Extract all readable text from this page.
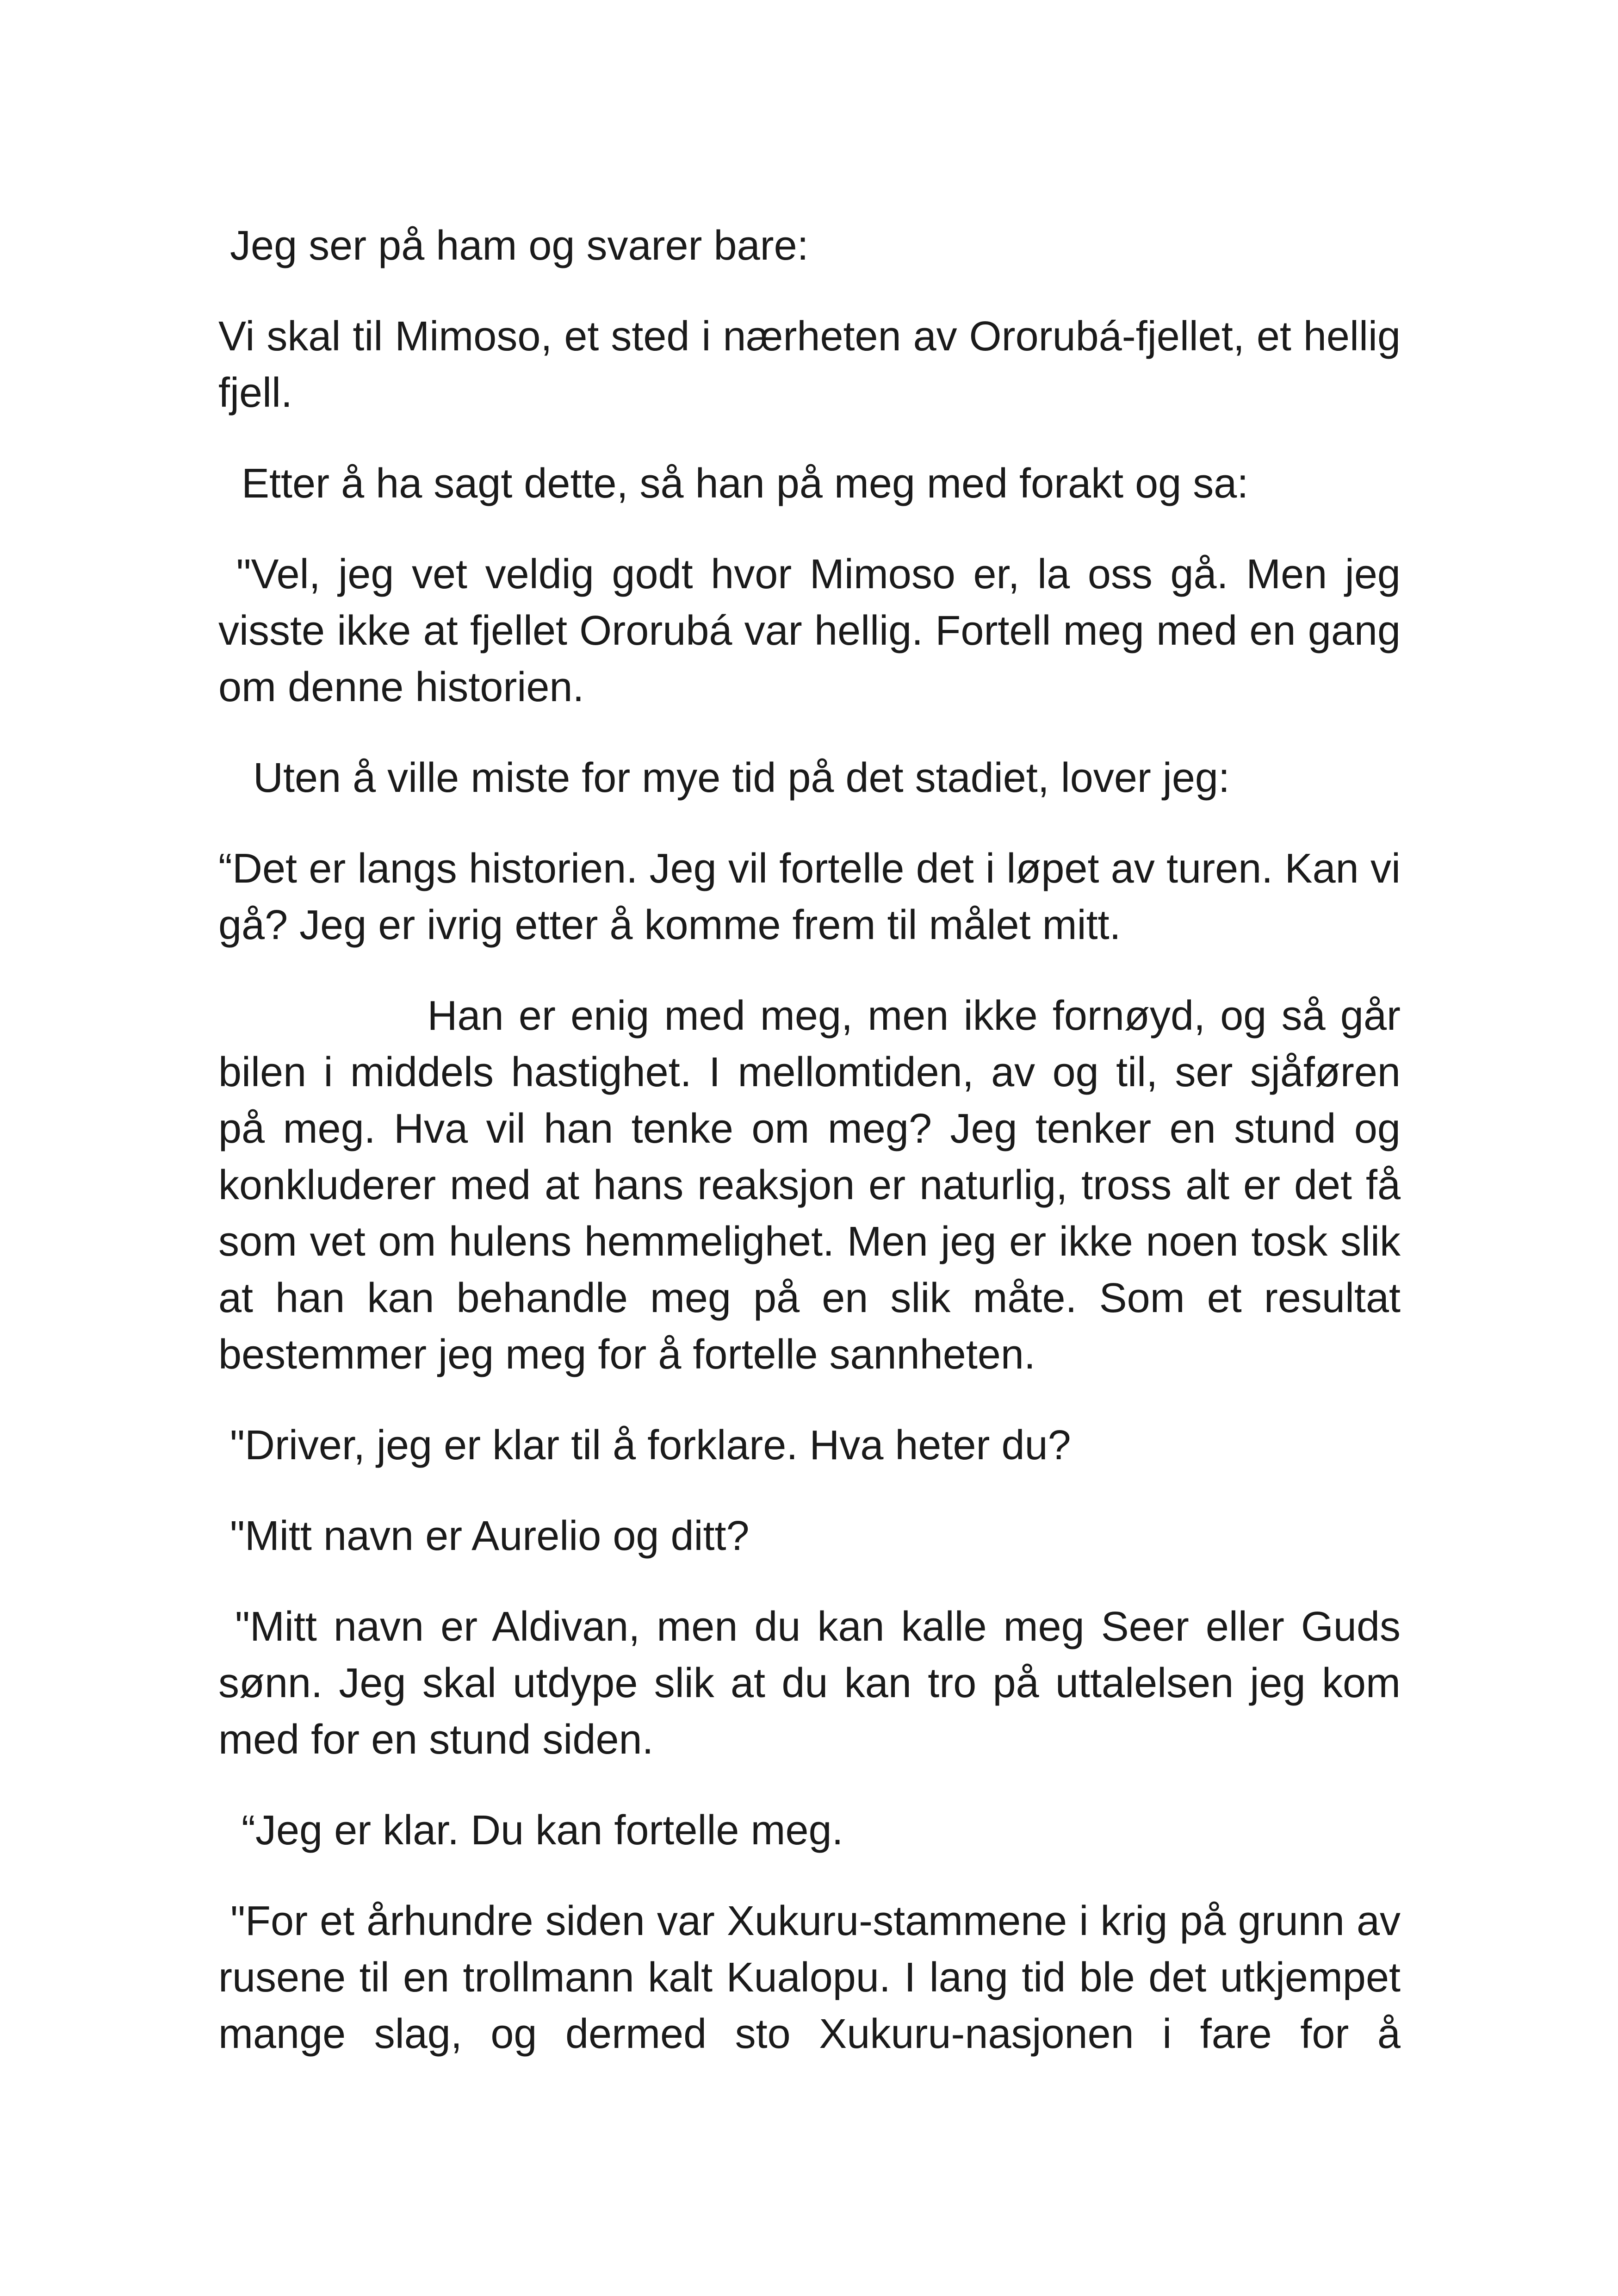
Jeg ser på ham og svarer bare:

Vi skal til Mimoso, et sted i nærheten av Ororubá-fjellet, et hellig fjell.

Etter å ha sagt dette, så han på meg med forakt og sa:

"Vel, jeg vet veldig godt hvor Mimoso er, la oss gå. Men jeg visste ikke at fjellet Ororubá var hellig. Fortell meg med en gang om denne historien.

Uten å ville miste for mye tid på det stadiet, lover jeg:

“Det er langs historien. Jeg vil fortelle det i løpet av turen. Kan vi gå? Jeg er ivrig etter å komme frem til målet mitt.

Han er enig med meg, men ikke fornøyd, og så går bilen i middels hastighet. I mellomtiden, av og til, ser sjåføren på meg. Hva vil han tenke om meg? Jeg tenker en stund og konkluderer med at hans reaksjon er naturlig, tross alt er det få som vet om hulens hemmelighet. Men jeg er ikke noen tosk slik at han kan behandle meg på en slik måte. Som et resultat bestemmer jeg meg for å fortelle sannheten.

"Driver, jeg er klar til å forklare. Hva heter du?

"Mitt navn er Aurelio og ditt?

"Mitt navn er Aldivan, men du kan kalle meg Seer eller Guds sønn. Jeg skal utdype slik at du kan tro på uttalelsen jeg kom med for en stund siden.

“Jeg er klar. Du kan fortelle meg.

"For et århundre siden var Xukuru-stammene i krig på grunn av rusene til en trollmann kalt Kualopu. I lang tid ble det utkjempet mange slag, og dermed sto Xukuru-nasjonen i fare for å
